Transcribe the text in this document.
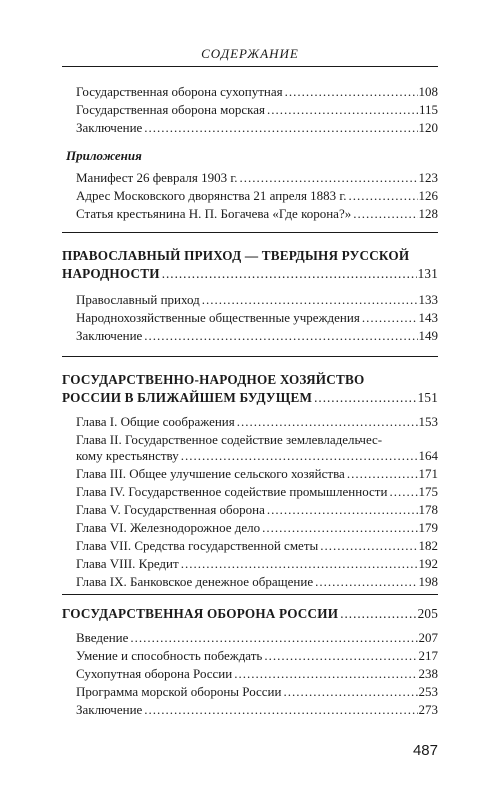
СОДЕРЖАНИЕ
Государственная оборона сухопутная .....	108
Государственная оборона морская .....	115
Заключение .....	120
Приложения
Манифест 26 февраля 1903 г. .....	123
Адрес Московского дворянства 21 апреля 1883 г. .....	126
Статья крестьянина Н. П. Богачева «Где корона?» .....	128
ПРАВОСЛАВНЫЙ ПРИХОД — ТВЕРДЫНЯ РУССКОЙ
НАРОДНОСТИ .....	131
Православный приход .....	133
Народнохозяйственные общественные учреждения .....	143
Заключение .....	149
ГОСУДАРСТВЕННО-НАРОДНОЕ ХОЗЯЙСТВО
РОССИИ В БЛИЖАЙШЕМ БУДУЩЕМ .....	151
Глава I. Общие соображения .....	153
Глава II. Государственное содействие землевладельчес-
кому крестьянству .....	164
Глава III. Общее улучшение сельского хозяйства .....	171
Глава IV. Государственное содействие промышленности ..... 175
Глава V. Государственная оборона .....	178
Глава VI. Железнодорожное дело .....	179
Глава VII. Средства государственной сметы .....	182
Глава VIII. Кредит .....	192
Глава IX. Банковское денежное обращение .....	198
ГОСУДАРСТВЕННАЯ ОБОРОНА РОССИИ .....	205
Введение .....	207
Умение и способность побеждать .....	217
Сухопутная оборона России .....	238
Программа морской обороны России .....	253
Заключение .....	273
487
